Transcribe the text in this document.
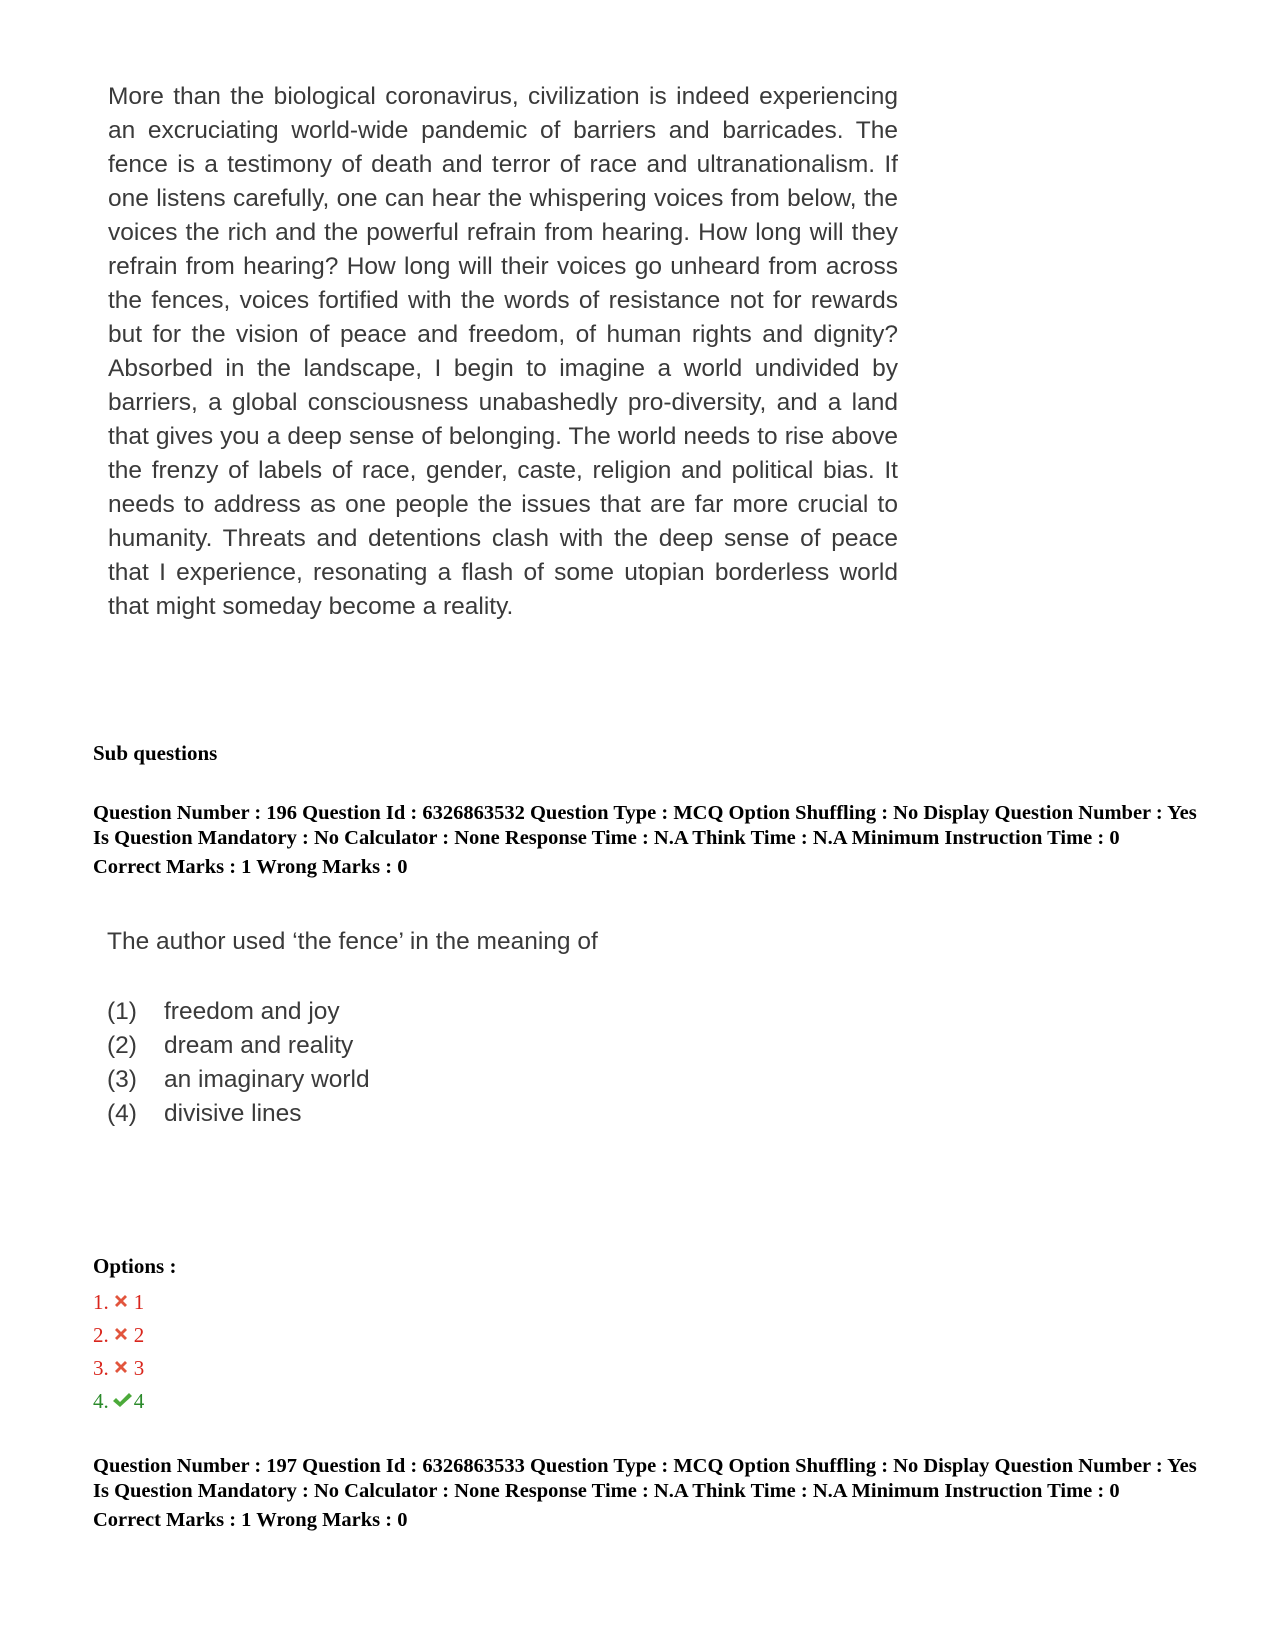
More than the biological coronavirus, civilization is indeed experiencing an excruciating world-wide pandemic of barriers and barricades. The fence is a testimony of death and terror of race and ultranationalism. If one listens carefully, one can hear the whispering voices from below, the voices the rich and the powerful refrain from hearing. How long will they refrain from hearing? How long will their voices go unheard from across the fences, voices fortified with the words of resistance not for rewards but for the vision of peace and freedom, of human rights and dignity? Absorbed in the landscape, I begin to imagine a world undivided by barriers, a global consciousness unabashedly pro-diversity, and a land that gives you a deep sense of belonging. The world needs to rise above the frenzy of labels of race, gender, caste, religion and political bias. It needs to address as one people the issues that are far more crucial to humanity. Threats and detentions clash with the deep sense of peace that I experience, resonating a flash of some utopian borderless world that might someday become a reality.

Sub questions

Question Number : 196 Question Id : 6326863532 Question Type : MCQ Option Shuffling : No Display Question Number : Yes Is Question Mandatory : No Calculator : None Response Time : N.A Think Time : N.A Minimum Instruction Time : 0
Correct Marks : 1 Wrong Marks : 0

The author used ‘the fence’ in the meaning of

(1) freedom and joy
(2) dream and reality
(3) an imaginary world
(4) divisive lines

Options :

1. 1
2. 2
3. 3
4. 4
Question Number : 197 Question Id : 6326863533 Question Type : MCQ Option Shuffling : No Display Question Number : Yes Is Question Mandatory : No Calculator : None Response Time : N.A Think Time : N.A Minimum Instruction Time : 0
Correct Marks : 1 Wrong Marks : 0
